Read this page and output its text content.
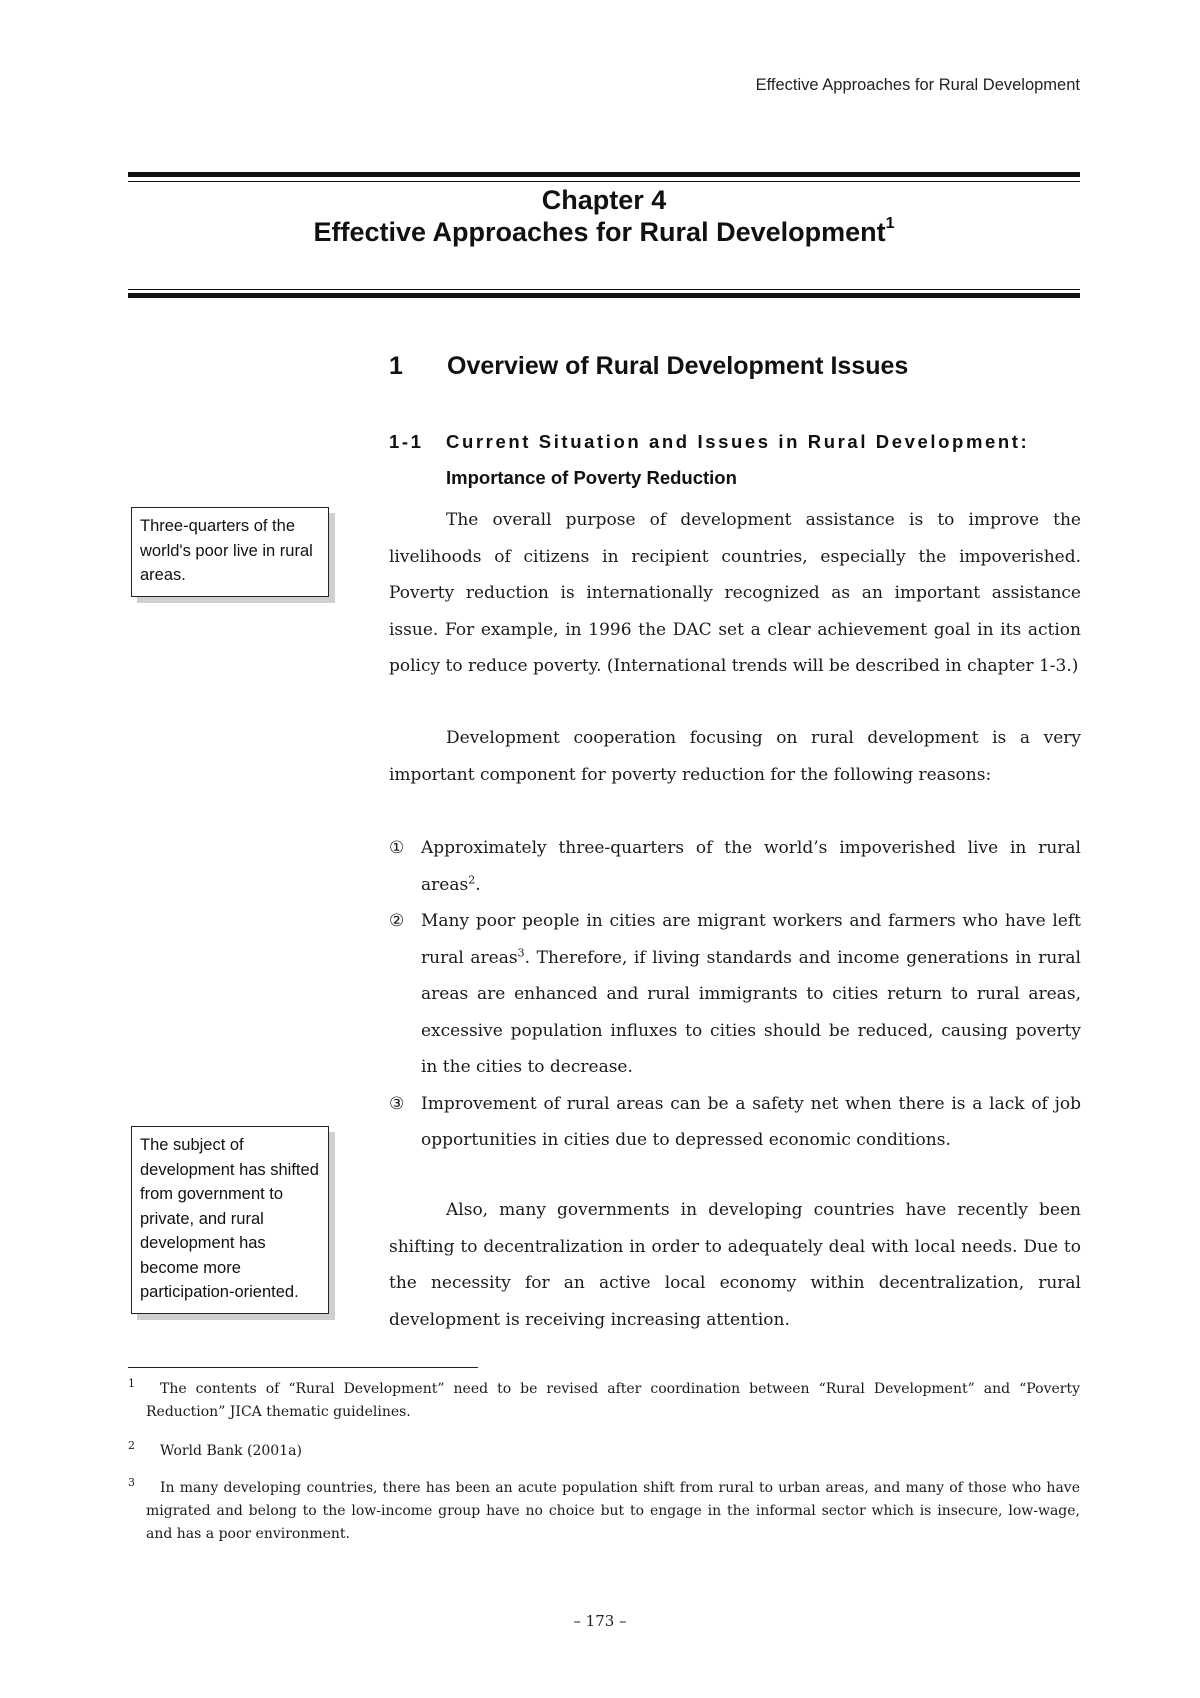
Effective Approaches for Rural Development
Chapter 4
Effective Approaches for Rural Development$^1$
1 Overview of Rural Development Issues
1-1 Current Situation and Issues in Rural Development:
Importance of Poverty Reduction
Three-quarters of the world's poor live in rural areas.
The overall purpose of development assistance is to improve the livelihoods of citizens in recipient countries, especially the impoverished. Poverty reduction is internationally recognized as an important assistance issue. For example, in 1996 the DAC set a clear achievement goal in its action policy to reduce poverty. (International trends will be described in chapter 1-3.)
Development cooperation focusing on rural development is a very important component for poverty reduction for the following reasons:
① Approximately three-quarters of the world’s impoverished live in rural areas$^2$.
② Many poor people in cities are migrant workers and farmers who have left rural areas$^3$. Therefore, if living standards and income generations in rural areas are enhanced and rural immigrants to cities return to rural areas, excessive population influxes to cities should be reduced, causing poverty in the cities to decrease.
③ Improvement of rural areas can be a safety net when there is a lack of job opportunities in cities due to depressed economic conditions.
The subject of development has shifted from government to private, and rural development has become more participation-oriented.
Also, many governments in developing countries have recently been shifting to decentralization in order to adequately deal with local needs. Due to the necessity for an active local economy within decentralization, rural development is receiving increasing attention.
1	The contents of “Rural Development” need to be revised after coordination between “Rural Development” and “Poverty Reduction” JICA thematic guidelines.
2	World Bank (2001a)
3	In many developing countries, there has been an acute population shift from rural to urban areas, and many of those who have migrated and belong to the low-income group have no choice but to engage in the informal sector which is insecure, low-wage, and has a poor environment.
– 173 –
